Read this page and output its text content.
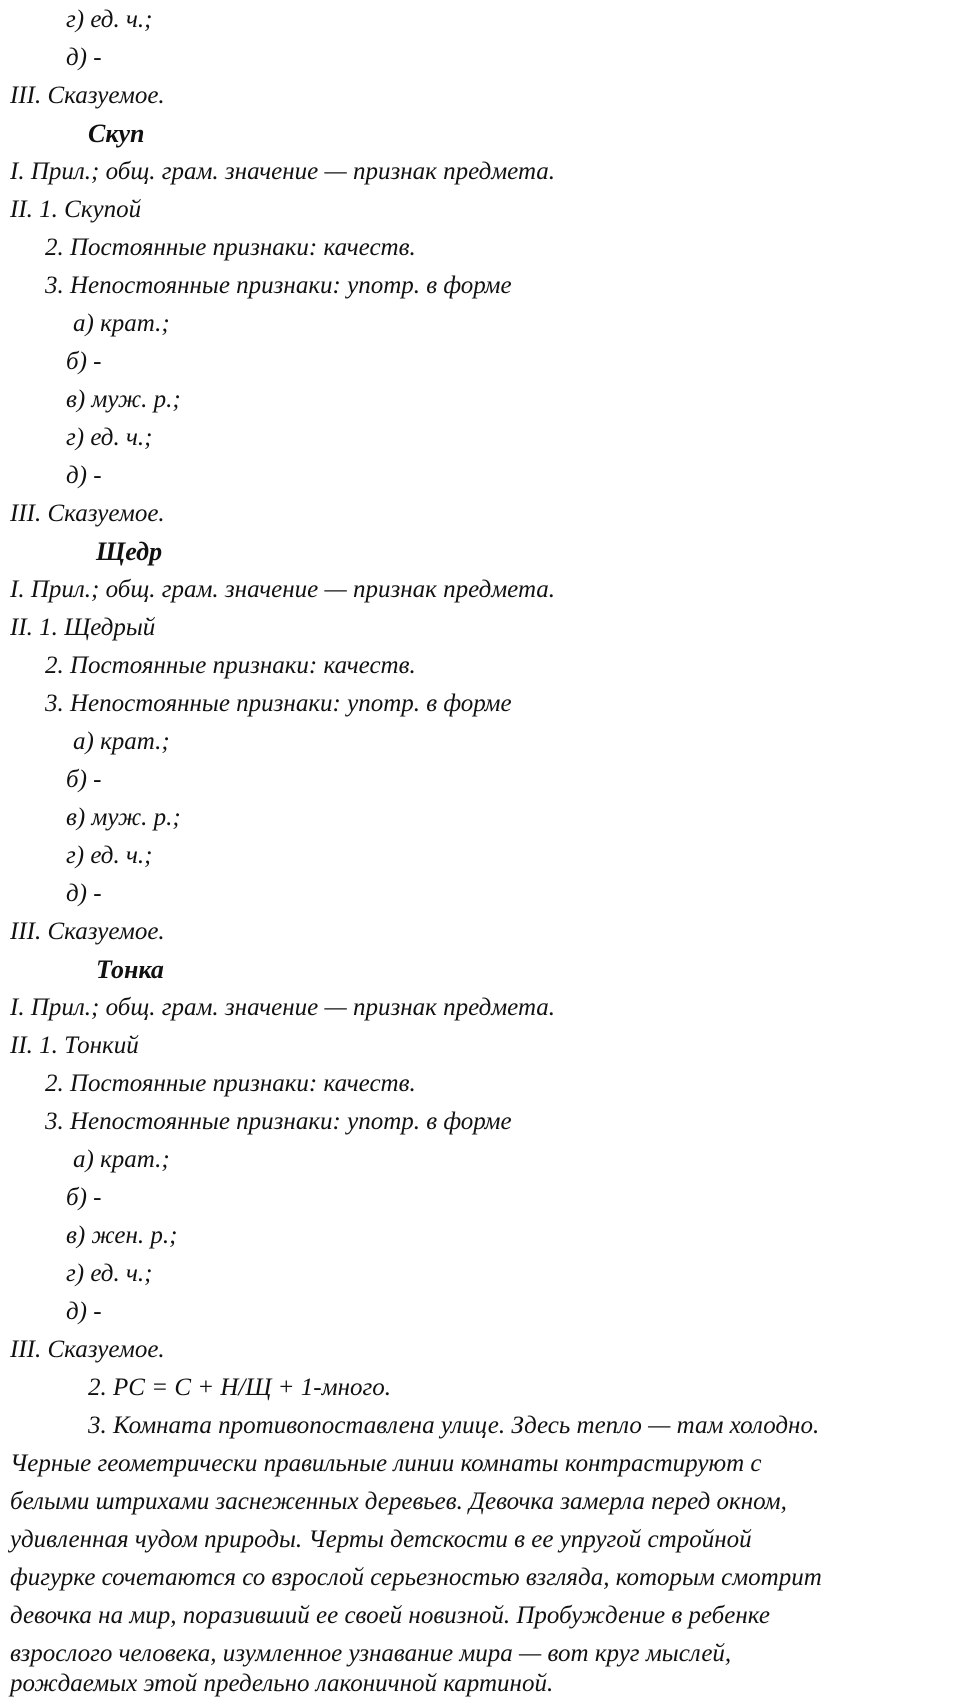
г) ед. ч.;
д) -
III. Сказуемое.
Скуп
I. Прил.; общ. грам. значение — признак предмета.
II. 1. Скупой
2. Постоянные признаки: качеств.
3. Непостоянные признаки: употр. в форме
а) крат.;
б) -
в) муж. р.;
г) ед. ч.;
д) -
III. Сказуемое.
Щедр
I. Прил.; общ. грам. значение — признак предмета.
II. 1. Щедрый
2. Постоянные признаки: качеств.
3. Непостоянные признаки: употр. в форме
а) крат.;
б) -
в) муж. р.;
г) ед. ч.;
д) -
III. Сказуемое.
Тонка
I. Прил.; общ. грам. значение — признак предмета.
II. 1. Тонкий
2. Постоянные признаки: качеств.
3. Непостоянные признаки: употр. в форме
а) крат.;
б) -
в) жен. р.;
г) ед. ч.;
д) -
III. Сказуемое.
2. PC = C + Н/Щ + 1-много.
3. Комната противопоставлена улице. Здесь тепло — там холодно.
Черные геометрически правильные линии комнаты контрастируют с
белыми штрихами заснеженных деревьев. Девочка замерла перед окном,
удивленная чудом природы. Черты детскости в ее упругой стройной
фигурке сочетаются со взрослой серьезностью взгляда, которым смотрит
девочка на мир, поразивший ее своей новизной. Пробуждение в ребенке
взрослого человека, изумленное узнавание мира — вот круг мыслей,
рождаемых этой предельно лаконичной картиной.
